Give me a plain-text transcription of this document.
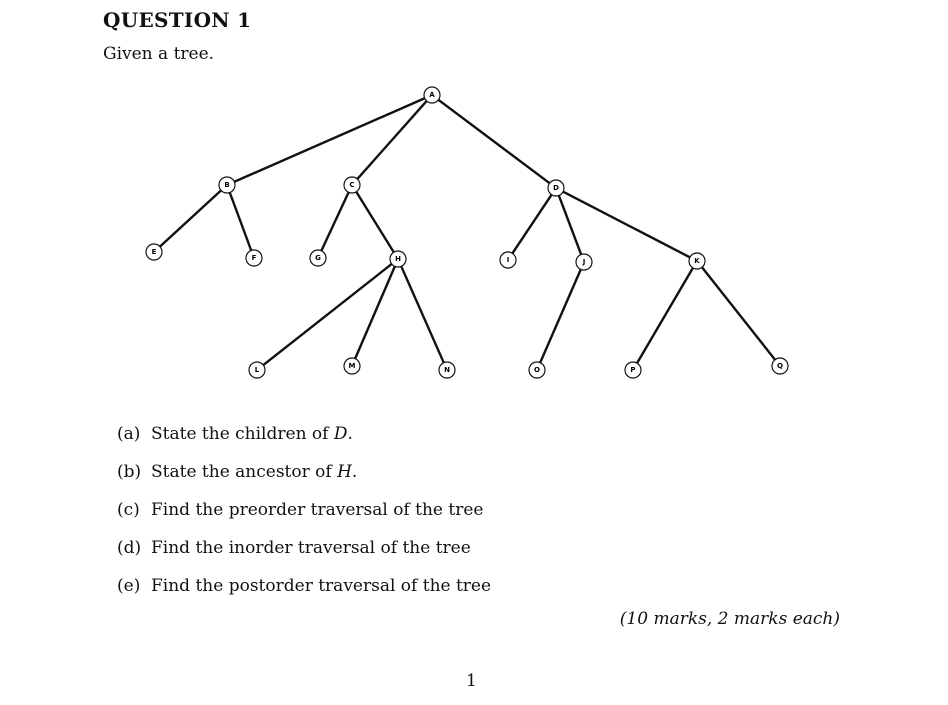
QUESTION 1
Given a tree.
A
B	C	D
E
F	G	H	I	J	K
L	M	N	O	P	Q
(a) State the children of D.
(b) State the ancestor of H.
(c) Find the preorder traversal of the tree
(d) Find the inorder traversal of the tree
(e) Find the postorder traversal of the tree
(10 marks, 2 marks each)
1
